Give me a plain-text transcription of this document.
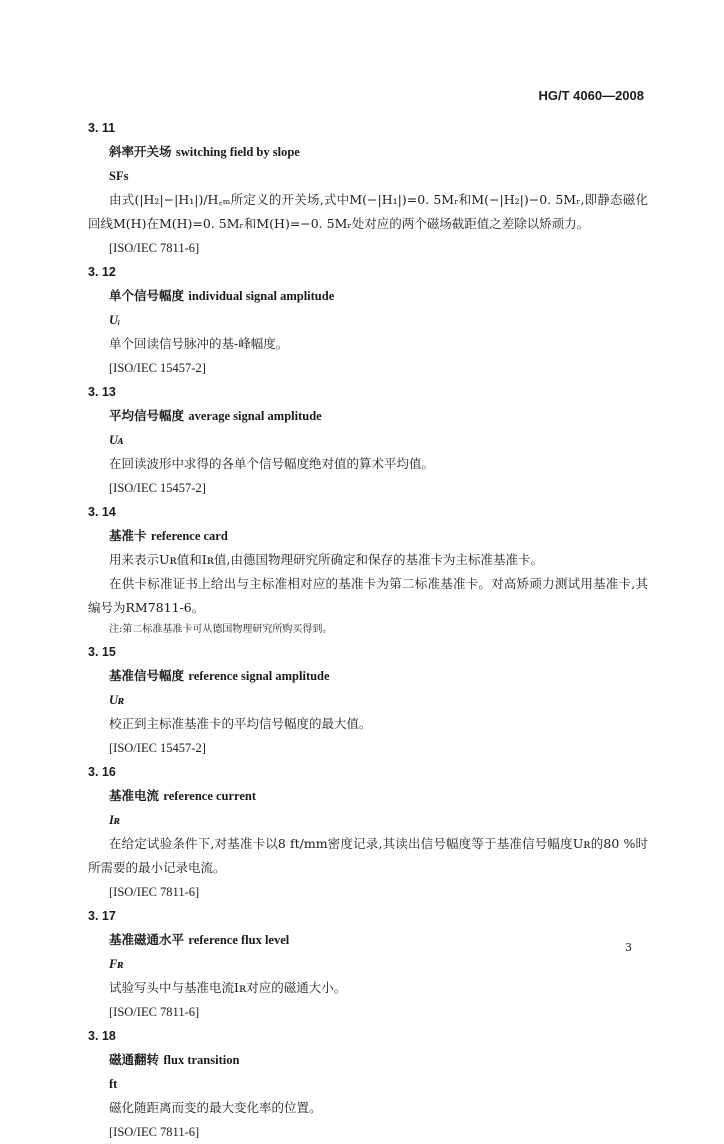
HG/T 4060—2008
3. 11
斜率开关场 switching field by slope
SFs
由式(|H₂|−|H₁|)/H꜀ₘ所定义的开关场,式中M(−|H₁|)=0. 5Mᵣ和M(−|H₂|)−0. 5Mᵣ,即静态磁化回线M(H)在M(H)=0. 5Mᵣ和M(H)=−0. 5Mᵣ处对应的两个磁场截距值之差除以矫顽力。
[ISO/IEC 7811-6]
3. 12
单个信号幅度 individual signal amplitude
Uᵢ
单个回读信号脉冲的基-峰幅度。
[ISO/IEC 15457-2]
3. 13
平均信号幅度 average signal amplitude
Uᴀ
在回读波形中求得的各单个信号幅度绝对值的算术平均值。
[ISO/IEC 15457-2]
3. 14
基准卡 reference card
用来表示Uʀ值和Iʀ值,由德国物理研究所确定和保存的基准卡为主标准基准卡。
在供卡标准证书上给出与主标准相对应的基准卡为第二标准基准卡。对高矫顽力测试用基准卡,其编号为RM7811-6。
注:第二标准基准卡可从德国物理研究所购买得到。
3. 15
基准信号幅度 reference signal amplitude
Uʀ
校正到主标准基准卡的平均信号幅度的最大值。
[ISO/IEC 15457-2]
3. 16
基准电流 reference current
Iʀ
在给定试验条件下,对基准卡以8 ft/mm密度记录,其读出信号幅度等于基准信号幅度Uʀ的80 %时所需要的最小记录电流。
[ISO/IEC 7811-6]
3. 17
基准磁通水平 reference flux level
Fʀ
试验写头中与基准电流Iʀ对应的磁通大小。
[ISO/IEC 7811-6]
3. 18
磁通翻转 flux transition
ft
磁化随距离而变的最大变化率的位置。
[ISO/IEC 7811-6]
3
